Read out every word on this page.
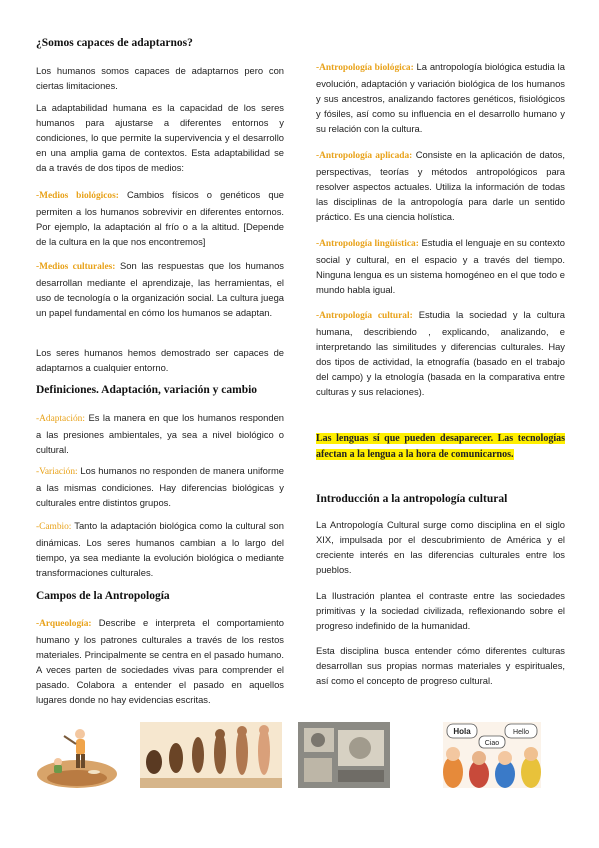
¿Somos capaces de adaptarnos?

Los humanos somos capaces de adaptarnos pero con ciertas limitaciones.

La adaptabilidad humana es la capacidad de los seres humanos para ajustarse a diferentes entornos y condiciones, lo que permite la supervivencia y el desarrollo en una amplia gama de contextos. Esta adaptabilidad se da a través de dos tipos de medios:

-Medios biológicos: Cambios físicos o genéticos que permiten a los humanos sobrevivir en diferentes entornos. Por ejemplo, la adaptación al frío o a la altitud. [Depende de la cultura en la que nos encontremos]

-Medios culturales: Son las respuestas que los humanos desarrollan mediante el aprendizaje, las herramientas, el uso de tecnología o la organización social. La cultura juega un papel fundamental en cómo los humanos se adaptan.

Los seres humanos hemos demostrado ser capaces de adaptarnos a cualquier entorno.

Definiciones. Adaptación, variación y cambio

-Adaptación: Es la manera en que los humanos responden a las presiones ambientales, ya sea a nivel biológico o cultural.

-Variación: Los humanos no responden de manera uniforme a las mismas condiciones. Hay diferencias biológicas y culturales entre distintos grupos.

-Cambio: Tanto la adaptación biológica como la cultural son dinámicas. Los seres humanos cambian a lo largo del tiempo, ya sea mediante la evolución biológica o mediante transformaciones culturales.

Campos de la Antropología

-Arqueología: Describe e interpreta el comportamiento humano y los patrones culturales a través de los restos materiales. Principalmente se centra en el pasado humano. A veces parten de sociedades vivas para comprender el pasado. Colabora a entender el pasado en aquellos lugares donde no hay evidencias escritas.

-Antropología biológica: La antropología biológica estudia la evolución, adaptación y variación biológica de los humanos y sus ancestros, analizando factores genéticos, fisiológicos y fósiles, así como su influencia en el desarrollo humano y su relación con la cultura.

-Antropología aplicada: Consiste en la aplicación de datos, perspectivas, teorías y métodos antropológicos para resolver aspectos actuales. Utiliza la información de todas las disciplinas de la antropología para darle un sentido práctico. Es una ciencia holística.

-Antropología lingüística: Estudia el lenguaje en su contexto social y cultural, en el espacio y a través del tiempo. Ninguna lengua es un sistema homogéneo en el que todo e mundo habla igual.

-Antropología cultural: Estudia la sociedad y la cultura humana, describiendo , explicando, analizando, e interpretando las similitudes y diferencias culturales. Hay dos tipos de actividad, la etnografía (basado en el trabajo del campo) y la etnología (basada en la comparativa entre culturas y sus relaciones).

Las lenguas sí que pueden desaparecer. Las tecnologías afectan a la lengua a la hora de comunicarnos.

Introducción a la antropología cultural

La Antropología Cultural surge como disciplina en el siglo XIX, impulsada por el descubrimiento de América y el creciente interés en las diferencias culturales entre los pueblos.

La Ilustración plantea el contraste entre las sociedades primitivas y la sociedad civilizada, reflexionando sobre el progreso indefinido de la humanidad.

Esta disciplina busca entender cómo diferentes culturas desarrollan sus propias normas materiales y espirituales, así como el concepto de progreso cultural.

Hola	Hello
Ciao
